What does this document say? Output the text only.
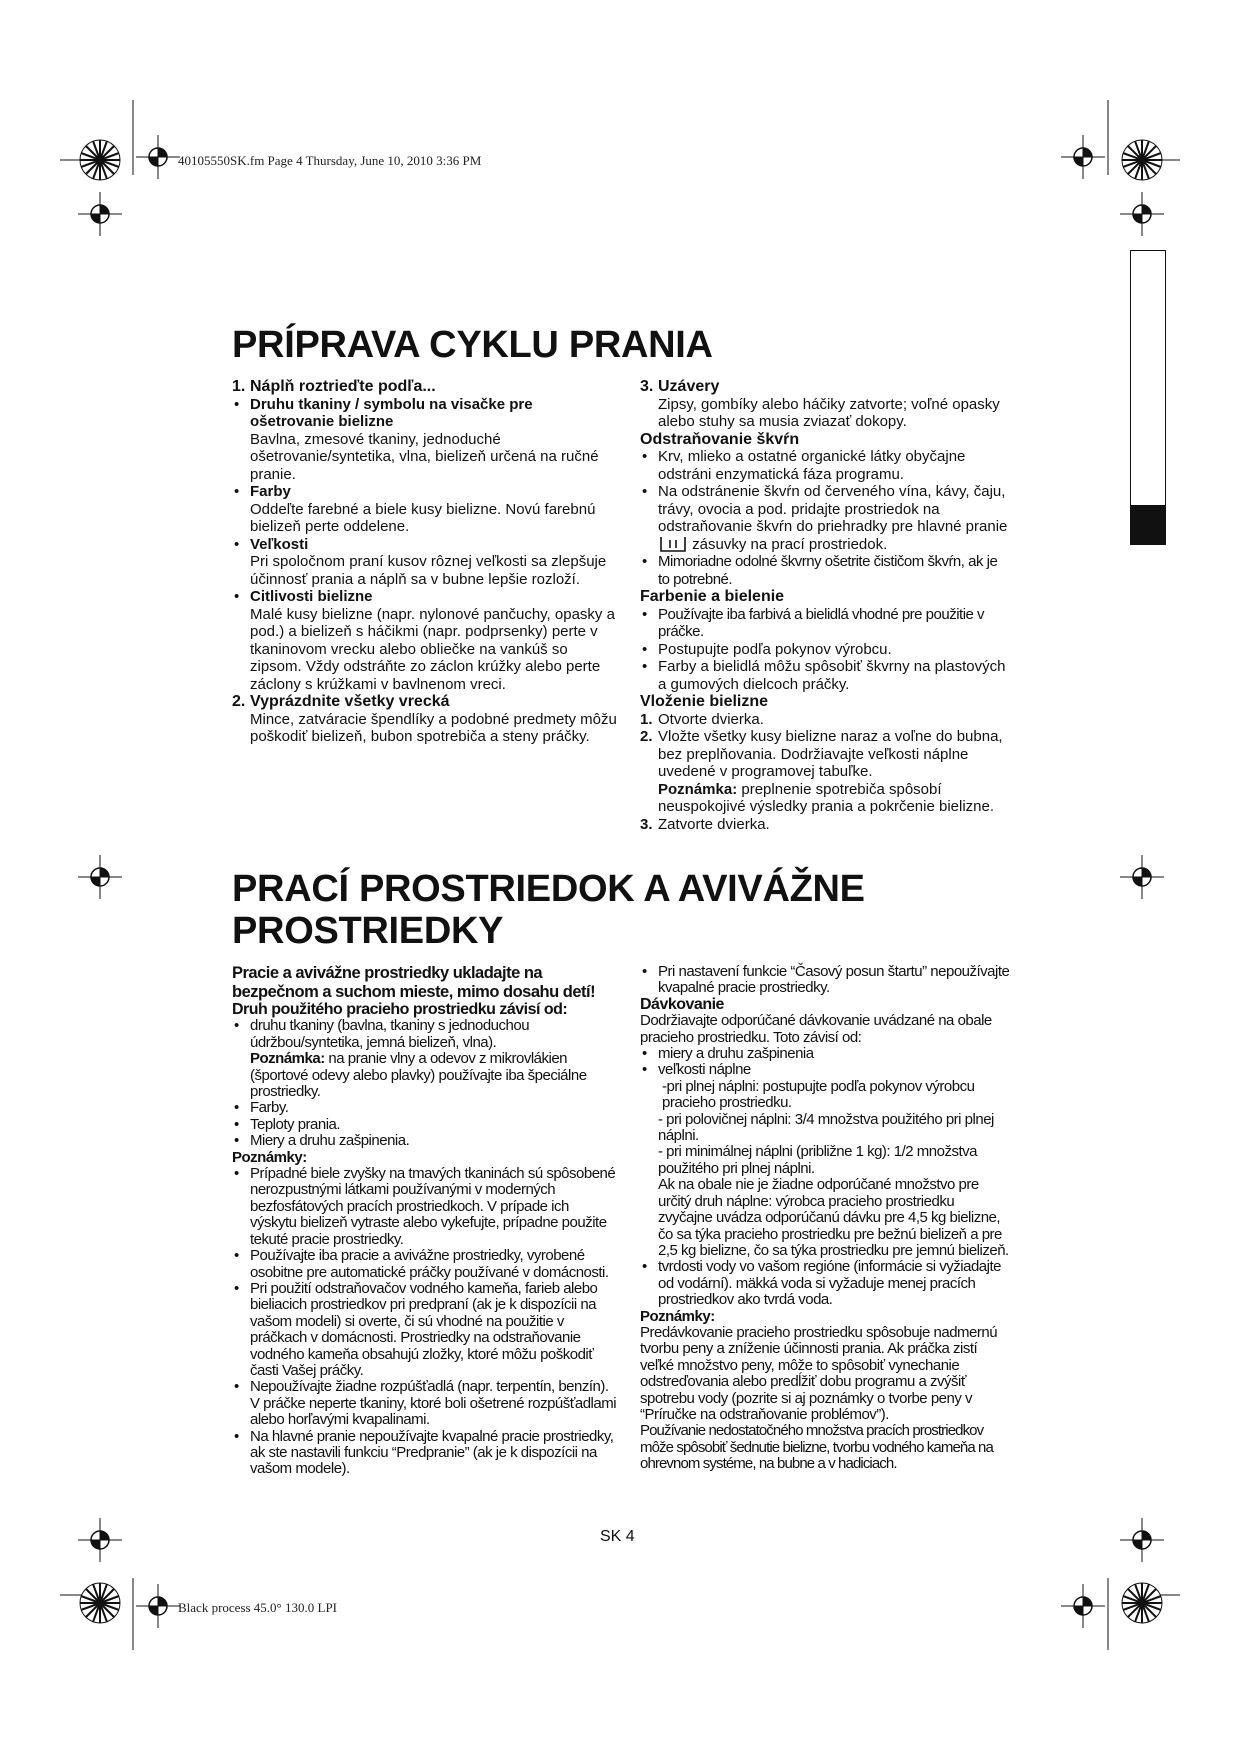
40105550SK.fm Page 4 Thursday, June 10, 2010 3:36 PM
PRÍPRAVA CYKLU PRANIA

1. Náplň roztrieďte podľa...

• Druhu tkaniny / symbolu na visačke pre ošetrovanie bielizne
Bavlna, zmesové tkaniny, jednoduché ošetrovanie/syntetika, vlna, bielizeň určená na ručné pranie.
• Farby
Oddeľte farebné a biele kusy bielizne. Novú farebnú bielizeň perte oddelene.
• Veľkosti
Pri spoločnom praní kusov rôznej veľkosti sa zlepšuje účinnosť prania a náplň sa v bubne lepšie rozloží.
• Citlivosti bielizne
Malé kusy bielizne (napr. nylonové pančuchy, opasky a pod.) a bielizeň s háčikmi (napr. podprsenky) perte v tkaninovom vrecku alebo obliečke na vankúš so zipsom. Vždy odstráňte zo záclon krúžky alebo perte záclony s krúžkami v bavlnenom vreci.

2. Vyprázdnite všetky vrecká

Mince, zatváracie špendlíky a podobné predmety môžu poškodiť bielizeň, bubon spotrebiča a steny práčky.

3. Uzávery

Zipsy, gombíky alebo háčiky zatvorte; voľné opasky alebo stuhy sa musia zviazať dokopy.

Odstraňovanie škvŕn

• Krv, mlieko a ostatné organické látky obyčajne odstráni enzymatická fáza programu.
• Na odstránenie škvŕn od červeného vína, kávy, čaju, trávy, ovocia a pod. pridajte prostriedok na odstraňovanie škvŕn do priehradky pre hlavné pranie  zásuvky na prací prostriedok.
• Mimoriadne odolné škvrny ošetrite čističom škvŕn, ak je to potrebné.

Farbenie a bielenie

• Používajte iba farbivá a bielidlá vhodné pre použitie v práčke.
• Postupujte podľa pokynov výrobcu.
• Farby a bielidlá môžu spôsobiť škvrny na plastových a gumových dielcoch práčky.

Vloženie bielizne

1. Otvorte dvierka.
2. Vložte všetky kusy bielizne naraz a voľne do bubna, bez preplňovania. Dodržiavajte veľkosti náplne uvedené v programovej tabuľke.
Poznámka: preplnenie spotrebiča spôsobí neuspokojivé výsledky prania a pokrčenie bielizne.
3. Zatvorte dvierka.
PRACÍ PROSTRIEDOK A AVIVÁŽNE
PROSTRIEDKY

Pracie a avivážne prostriedky ukladajte na bezpečnom a suchom mieste, mimo dosahu detí!

Druh použitého pracieho prostriedku závisí od:

• druhu tkaniny (bavlna, tkaniny s jednoduchou údržbou/syntetika, jemná bielizeň, vlna).
Poznámka: na pranie vlny a odevov z mikrovlákien (športové odevy alebo plavky) používajte iba špeciálne prostriedky.
• Farby.
• Teploty prania.
• Miery a druhu zašpinenia.

Poznámky:

• Prípadné biele zvyšky na tmavých tkaninách sú spôsobené nerozpustnými látkami používanými v moderných bezfosfátových pracích prostriedkoch. V prípade ich výskytu bielizeň vytraste alebo vykefujte, prípadne použite tekuté pracie prostriedky.
• Používajte iba pracie a avivážne prostriedky, vyrobené osobitne pre automatické práčky používané v domácnosti.
• Pri použití odstraňovačov vodného kameňa, farieb alebo bieliacich prostriedkov pri predpraní (ak je k dispozícii na vašom modeli) si overte, či sú vhodné na použitie v práčkach v domácnosti. Prostriedky na odstraňovanie vodného kameňa obsahujú zložky, ktoré môžu poškodiť časti Vašej práčky.
• Nepoužívajte žiadne rozpúšťadlá (napr. terpentín, benzín). V práčke neperte tkaniny, ktoré boli ošetrené rozpúšťadlami alebo horľavými kvapalinami.
• Na hlavné pranie nepoužívajte kvapalné pracie prostriedky, ak ste nastavili funkciu “Predpranie” (ak je k dispozícii na vašom modele).
• Pri nastavení funkcie “Časový posun štartu” nepoužívajte kvapalné pracie prostriedky.

Dávkovanie

Dodržiavajte odporúčané dávkovanie uvádzané na obale pracieho prostriedku. Toto závisí od:

• miery a druhu zašpinenia
• veľkosti náplne
-pri plnej náplni: postupujte podľa pokynov výrobcu pracieho prostriedku.
- pri polovičnej náplni: 3/4 množstva použitého pri plnej náplni.
- pri minimálnej náplni (približne 1 kg): 1/2 množstva použitého pri plnej náplni.
Ak na obale nie je žiadne odporúčané množstvo pre určitý druh náplne: výrobca pracieho prostriedku zvyčajne uvádza odporúčanú dávku pre 4,5 kg bielizne, čo sa týka pracieho prostriedku pre bežnú bielizeň a pre 2,5 kg bielizne, čo sa týka prostriedku pre jemnú bielizeň.
• tvrdosti vody vo vašom regióne (informácie si vyžiadajte od vodární). mäkká voda si vyžaduje menej pracích prostriedkov ako tvrdá voda.

Poznámky:

Predávkovanie pracieho prostriedku spôsobuje nadmernú tvorbu peny a zníženie účinnosti prania. Ak práčka zistí veľké množstvo peny, môže to spôsobiť vynechanie odstreďovania alebo predĺžiť dobu programu a zvýšiť spotrebu vody (pozrite si aj poznámky o tvorbe peny v “Príručke na odstraňovanie problémov”).

Používanie nedostatočného množstva pracích prostriedkov môže spôsobiť šednutie bielizne, tvorbu vodného kameňa na ohrevnom systéme, na bubne a v hadiciach.

SK 4
Black process 45.0° 130.0 LPI
